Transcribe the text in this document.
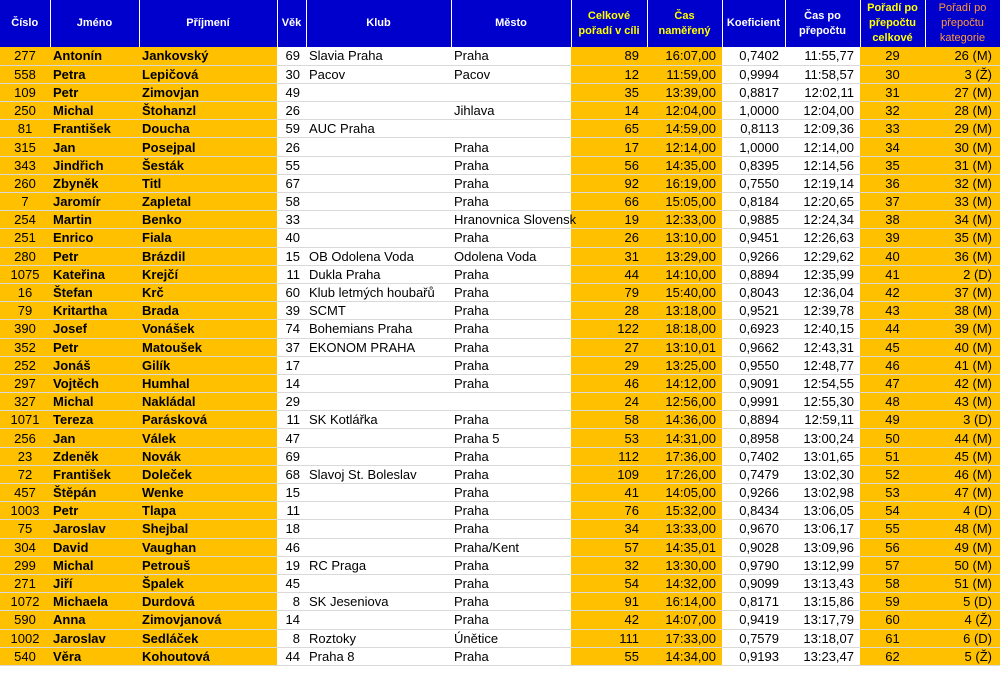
Číslo	Jméno	Příjmení	Věk	Klub	Město	Celkové pořadí v cíli	Čas naměřený	Koeficient	Čas po přepočtu	Pořadí po přepočtu celkové	Pořadí po přepočtu kategorie
277	Antonín	Jankovský	69	Slavia Praha	Praha	89	16:07,00	0,7402	11:55,77	29	26 (M)
558	Petra	Lepičová	30	Pacov	Pacov	12	11:59,00	0,9994	11:58,57	30	3 (Ž)
109	Petr	Zimovjan	49			35	13:39,00	0,8817	12:02,11	31	27 (M)
250	Michal	Štohanzl	26		Jihlava	14	12:04,00	1,0000	12:04,00	32	28 (M)
81	František	Doucha	59	AUC Praha		65	14:59,00	0,8113	12:09,36	33	29 (M)
315	Jan	Posejpal	26		Praha	17	12:14,00	1,0000	12:14,00	34	30 (M)
343	Jindřich	Šesták	55		Praha	56	14:35,00	0,8395	12:14,56	35	31 (M)
260	Zbyněk	Titl	67		Praha	92	16:19,00	0,7550	12:19,14	36	32 (M)
7	Jaromír	Zapletal	58		Praha	66	15:05,00	0,8184	12:20,65	37	33 (M)
254	Martin	Benko	33		Hranovnica Slovensk	19	12:33,00	0,9885	12:24,34	38	34 (M)
251	Enrico	Fiala	40		Praha	26	13:10,00	0,9451	12:26,63	39	35 (M)
280	Petr	Brázdil	15	OB Odolena Voda	Odolena Voda	31	13:29,00	0,9266	12:29,62	40	36 (M)
1075	Kateřina	Krejčí	11	Dukla Praha	Praha	44	14:10,00	0,8894	12:35,99	41	2 (D)
16	Štefan	Krč	60	Klub letmých houbařů	Praha	79	15:40,00	0,8043	12:36,04	42	37 (M)
79	Kritartha	Brada	39	SCMT	Praha	28	13:18,00	0,9521	12:39,78	43	38 (M)
390	Josef	Vonášek	74	Bohemians Praha	Praha	122	18:18,00	0,6923	12:40,15	44	39 (M)
352	Petr	Matoušek	37	EKONOM PRAHA	Praha	27	13:10,01	0,9662	12:43,31	45	40 (M)
252	Jonáš	Gilík	17		Praha	29	13:25,00	0,9550	12:48,77	46	41 (M)
297	Vojtěch	Humhal	14		Praha	46	14:12,00	0,9091	12:54,55	47	42 (M)
327	Michal	Nakládal	29			24	12:56,00	0,9991	12:55,30	48	43 (M)
1071	Tereza	Parásková	11	SK Kotlářka	Praha	58	14:36,00	0,8894	12:59,11	49	3 (D)
256	Jan	Válek	47		Praha 5	53	14:31,00	0,8958	13:00,24	50	44 (M)
23	Zdeněk	Novák	69		Praha	112	17:36,00	0,7402	13:01,65	51	45 (M)
72	František	Doleček	68	Slavoj St. Boleslav	Praha	109	17:26,00	0,7479	13:02,30	52	46 (M)
457	Štěpán	Wenke	15		Praha	41	14:05,00	0,9266	13:02,98	53	47 (M)
1003	Petr	Tlapa	11		Praha	76	15:32,00	0,8434	13:06,05	54	4 (D)
75	Jaroslav	Shejbal	18		Praha	34	13:33,00	0,9670	13:06,17	55	48 (M)
304	David	Vaughan	46		Praha/Kent	57	14:35,01	0,9028	13:09,96	56	49 (M)
299	Michal	Petrouš	19	RC Praga	Praha	32	13:30,00	0,9790	13:12,99	57	50 (M)
271	Jiří	Špalek	45		Praha	54	14:32,00	0,9099	13:13,43	58	51 (M)
1072	Michaela	Durdová	8	SK Jeseniova	Praha	91	16:14,00	0,8171	13:15,86	59	5 (D)
590	Anna	Zimovjanová	14		Praha	42	14:07,00	0,9419	13:17,79	60	4 (Ž)
1002	Jaroslav	Sedláček	8	Roztoky	Únětice	111	17:33,00	0,7579	13:18,07	61	6 (D)
540	Věra	Kohoutová	44	Praha 8	Praha	55	14:34,00	0,9193	13:23,47	62	5 (Ž)
